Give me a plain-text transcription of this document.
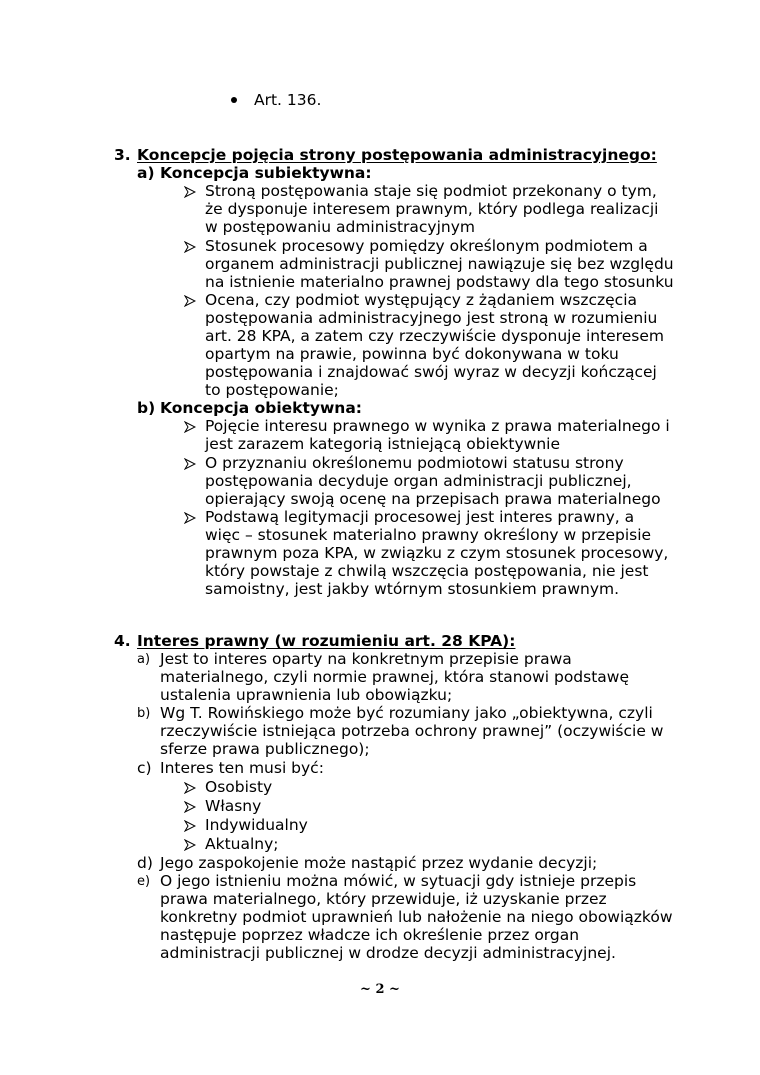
Art. 136.
3. Koncepcje pojęcia strony postępowania administracyjnego:
a) Koncepcja subiektywna:
Stroną postępowania staje się podmiot przekonany o tym,
że dysponuje interesem prawnym, który podlega realizacji
w postępowaniu administracyjnym
Stosunek procesowy pomiędzy określonym podmiotem a
organem administracji publicznej nawiązuje się bez względu
na istnienie materialno prawnej podstawy dla tego stosunku
Ocena, czy podmiot występujący z żądaniem wszczęcia
postępowania administracyjnego jest stroną w rozumieniu
art. 28 KPA, a zatem czy rzeczywiście dysponuje interesem
opartym na prawie, powinna być dokonywana w toku
postępowania i znajdować swój wyraz w decyzji kończącej
to postępowanie;
b) Koncepcja obiektywna:
Pojęcie interesu prawnego w wynika z prawa materialnego i
jest zarazem kategorią istniejącą obiektywnie
O przyznaniu określonemu podmiotowi statusu strony
postępowania decyduje organ administracji publicznej,
opierający swoją ocenę na przepisach prawa materialnego
Podstawą legitymacji procesowej jest interes prawny, a
więc – stosunek materialno prawny określony w przepisie
prawnym poza KPA, w związku z czym stosunek procesowy,
który powstaje z chwilą wszczęcia postępowania, nie jest
samoistny, jest jakby wtórnym stosunkiem prawnym.
4. Interes prawny (w rozumieniu art. 28 KPA):
a) Jest to interes oparty na konkretnym przepisie prawa
materialnego, czyli normie prawnej, która stanowi podstawę
ustalenia uprawnienia lub obowiązku;
b) Wg T. Rowińskiego może być rozumiany jako „obiektywna, czyli
rzeczywiście istniejąca potrzeba ochrony prawnej” (oczywiście w
sferze prawa publicznego);
c) Interes ten musi być:
Osobisty
Własny
Indywidualny
Aktualny;
d) Jego zaspokojenie może nastąpić przez wydanie decyzji;
e) O jego istnieniu można mówić, w sytuacji gdy istnieje przepis
prawa materialnego, który przewiduje, iż uzyskanie przez
konkretny podmiot uprawnień lub nałożenie na niego obowiązków
następuje poprzez władcze ich określenie przez organ
administracji publicznej w drodze decyzji administracyjnej.
~ 2 ~
